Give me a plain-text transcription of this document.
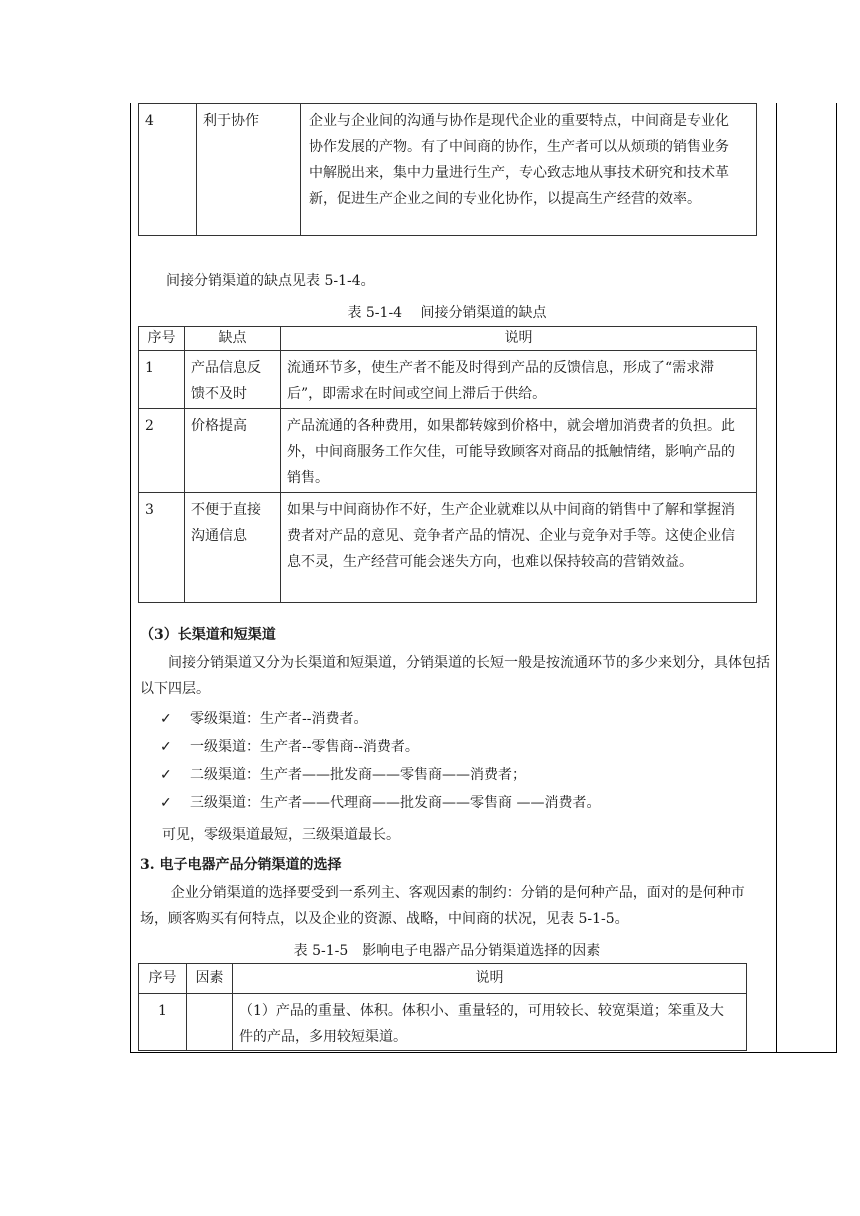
4	利于协作	企业与企业间的沟通与协作是现代企业的重要特点，中间商是专业化协作发展的产物。有了中间商的协作，生产者可以从烦琐的销售业务中解脱出来，集中力量进行生产，专心致志地从事技术研究和技术革新，促进生产企业之间的专业化协作，以提高生产经营的效率。
间接分销渠道的缺点见表 5-1-4。
表 5-1-4　 间接分销渠道的缺点
序号	缺点	说明
1	产品信息反馈不及时	流通环节多，使生产者不能及时得到产品的反馈信息，形成了“需求滞后”，即需求在时间或空间上滞后于供给。
2	价格提高	产品流通的各种费用，如果都转嫁到价格中，就会增加消费者的负担。此外，中间商服务工作欠佳，可能导致顾客对商品的抵触情绪，影响产品的销售。
3	不便于直接沟通信息	如果与中间商协作不好，生产企业就难以从中间商的销售中了解和掌握消费者对产品的意见、竞争者产品的情况、企业与竞争对手等。这使企业信息不灵，生产经营可能会迷失方向，也难以保持较高的营销效益。
（3）长渠道和短渠道
间接分销渠道又分为长渠道和短渠道，分销渠道的长短一般是按流通环节的多少来划分，具体包括以下四层。
✓ 零级渠道：生产者--消费者。
✓ 一级渠道：生产者--零售商--消费者。
✓ 二级渠道：生产者——批发商——零售商——消费者；
✓ 三级渠道：生产者——代理商——批发商——零售商 ——消费者。
可见，零级渠道最短，三级渠道最长。
3. 电子电器产品分销渠道的选择
企业分销渠道的选择要受到一系列主、客观因素的制约：分销的是何种产品，面对的是何种市场，顾客购买有何特点，以及企业的资源、战略，中间商的状况，见表 5-1-5。
表 5-1-5　影响电子电器产品分销渠道选择的因素
序号	因素	说明
1		（1）产品的重量、体积。体积小、重量轻的，可用较长、较宽渠道；笨重及大件的产品，多用较短渠道。
